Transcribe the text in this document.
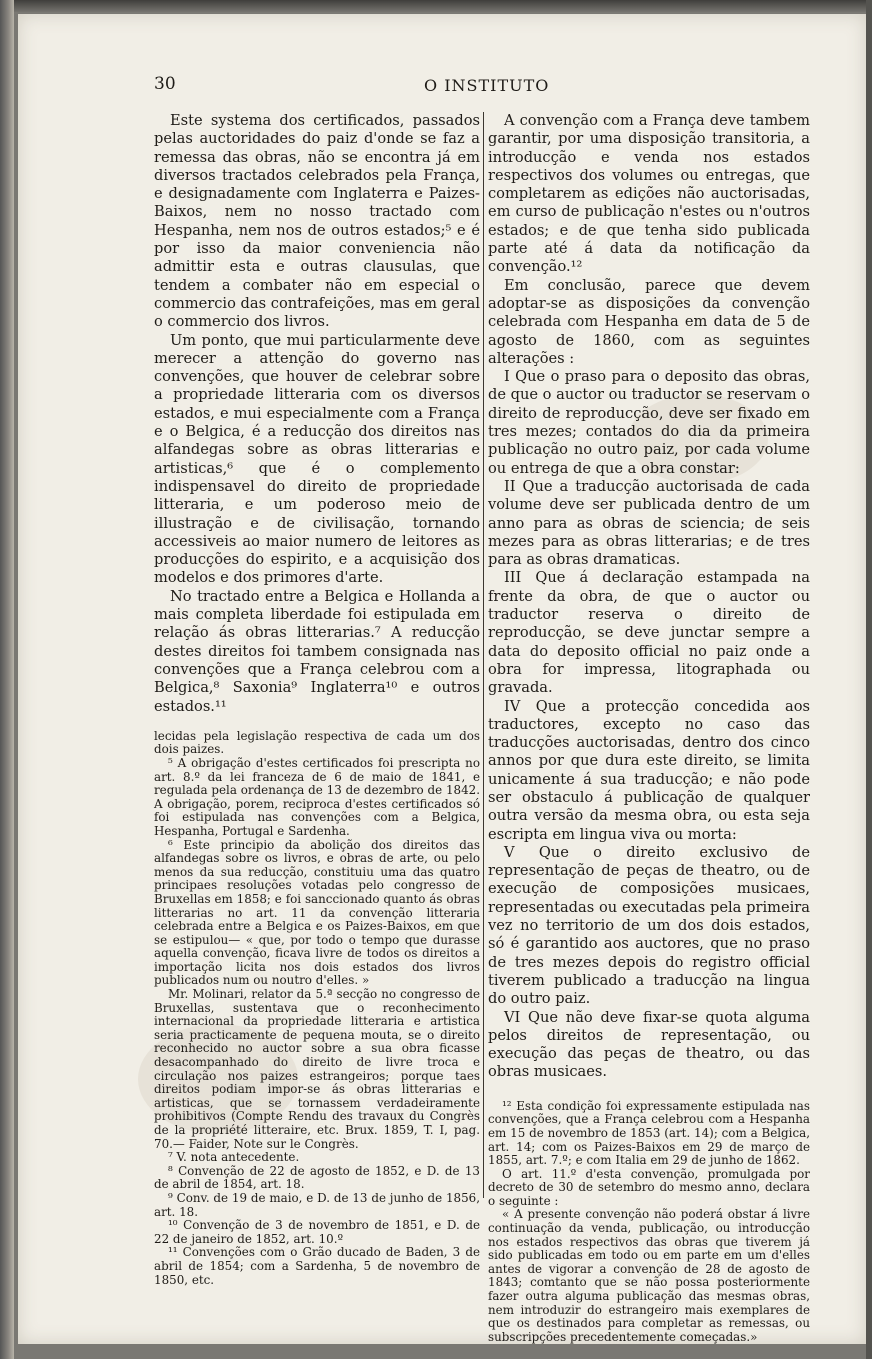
30	O INSTITUTO

Este systema dos certificados, passados pelas auctoridades do paiz d'onde se faz a remessa das obras, não se encontra já em diversos tractados celebrados pela França, e designadamente com Inglaterra e Paizes-Baixos, nem no nosso tractado com Hespanha, nem nos de outros estados;⁵ e é por isso da maior conveniencia não admittir esta e outras clausulas, que tendem a combater não em especial o commercio das contrafeições, mas em geral o commercio dos livros.

Um ponto, que mui particularmente deve merecer a attenção do governo nas convenções, que houver de celebrar sobre a propriedade litteraria com os diversos estados, e mui especialmente com a França e o Belgica, é a reducção dos direitos nas alfandegas sobre as obras litterarias e artisticas,⁶ que é o complemento indispensavel do direito de propriedade litteraria, e um poderoso meio de illustração e de civilisação, tornando accessiveis ao maior numero de leitores as producções do espirito, e a acquisição dos modelos e dos primores d'arte.

No tractado entre a Belgica e Hollanda a mais completa liberdade foi estipulada em relação ás obras litterarias.⁷ A reducção destes direitos foi tambem consignada nas convenções que a França celebrou com a Belgica,⁸ Saxonia⁹ Inglaterra¹⁰ e outros estados.¹¹

lecidas pela legislação respectiva de cada um dos dois paizes.

⁵ A obrigação d'estes certificados foi prescripta no art. 8.º da lei franceza de 6 de maio de 1841, e regulada pela ordenança de 13 de dezembro de 1842. A obrigação, porem, reciproca d'estes certificados só foi estipulada nas convenções com a Belgica, Hespanha, Portugal e Sardenha.

⁶ Este principio da abolição dos direitos das alfandegas sobre os livros, e obras de arte, ou pelo menos da sua reducção, constituiu uma das quatro principaes resoluções votadas pelo congresso de Bruxellas em 1858; e foi sanccionado quanto ás obras litterarias no art. 11 da convenção litteraria celebrada entre a Belgica e os Paizes-Baixos, em que se estipulou— « que, por todo o tempo que durasse aquella convenção, ficava livre de todos os direitos a importação licita nos dois estados dos livros publicados num ou noutro d'elles. »

Mr. Molinari, relator da 5.ª secção no congresso de Bruxellas, sustentava que o reconhecimento internacional da propriedade litteraria e artistica seria practicamente de pequena mouta, se o direito reconhecido no auctor sobre a sua obra ficasse desacompanhado do direito de livre troca e circulação nos paizes estrangeiros; porque taes direitos podiam impor-se ás obras litterarias e artisticas, que se tornassem verdadeiramente prohibitivos (Compte Rendu des travaux du Congrès de la propriété litteraire, etc. Brux. 1859, T. I, pag. 70.— Faider, Note sur le Congrès.

⁷ V. nota antecedente.

⁸ Convenção de 22 de agosto de 1852, e D. de 13 de abril de 1854, art. 18.

⁹ Conv. de 19 de maio, e D. de 13 de junho de 1856, art. 18.

¹⁰ Convenção de 3 de novembro de 1851, e D. de 22 de janeiro de 1852, art. 10.º

¹¹ Convenções com o Grão ducado de Baden, 3 de abril de 1854; com a Sardenha, 5 de novembro de 1850, etc.

A convenção com a França deve tambem garantir, por uma disposição transitoria, a introducção e venda nos estados respectivos dos volumes ou entregas, que completarem as edições não auctorisadas, em curso de publicação n'estes ou n'outros estados; e de que tenha sido publicada parte até á data da notificação da convenção.¹²

Em conclusão, parece que devem adoptar-se as disposições da convenção celebrada com Hespanha em data de 5 de agosto de 1860, com as seguintes alterações :

I Que o praso para o deposito das obras, de que o auctor ou traductor se reservam o direito de reproducção, deve ser fixado em tres mezes; contados do dia da primeira publicação no outro paiz, por cada volume ou entrega de que a obra constar:

II Que a traducção auctorisada de cada volume deve ser publicada dentro de um anno para as obras de sciencia; de seis mezes para as obras litterarias; e de tres para as obras dramaticas.

III Que á declaração estampada na frente da obra, de que o auctor ou traductor reserva o direito de reproducção, se deve junctar sempre a data do deposito official no paiz onde a obra for impressa, litographada ou gravada.

IV Que a protecção concedida aos traductores, excepto no caso das traducções auctorisadas, dentro dos cinco annos por que dura este direito, se limita unicamente á sua traducção; e não pode ser obstaculo á publicação de qualquer outra versão da mesma obra, ou esta seja escripta em lingua viva ou morta:

V Que o direito exclusivo de representação de peças de theatro, ou de execução de composições musicaes, representadas ou executadas pela primeira vez no territorio de um dos dois estados, só é garantido aos auctores, que no praso de tres mezes depois do registro official tiverem publicado a traducção na lingua do outro paiz.

VI Que não deve fixar-se quota alguma pelos direitos de representação, ou execução das peças de theatro, ou das obras musicaes.

¹² Esta condição foi expressamente estipulada nas convenções, que a França celebrou com a Hespanha em 15 de novembro de 1853 (art. 14); com a Belgica, art. 14; com os Paizes-Baixos em 29 de março de 1855, art. 7.º; e com Italia em 29 de junho de 1862.

O art. 11.º d'esta convenção, promulgada por decreto de 30 de setembro do mesmo anno, declara o seguinte :

« A presente convenção não poderá obstar á livre continuação da venda, publicação, ou introducção nos estados respectivos das obras que tiverem já sido publicadas em todo ou em parte em um d'elles antes de vigorar a convenção de 28 de agosto de 1843; comtanto que se não possa posteriormente fazer outra alguma publicação das mesmas obras, nem introduzir do estrangeiro mais exemplares de que os destinados para completar as remessas, ou subscripções precedentemente começadas.»
